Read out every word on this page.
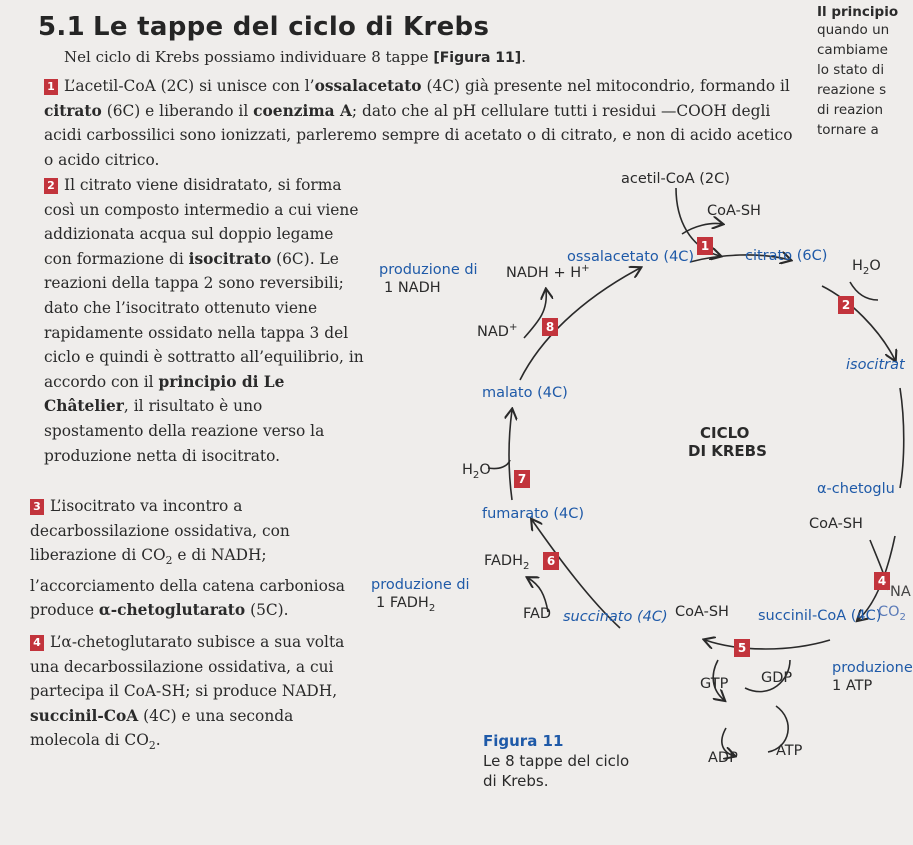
5.1 Le tappe del ciclo di Krebs
Nel ciclo di Krebs possiamo individuare 8 tappe [Figura 11].
1 L’acetil-CoA (2C) si unisce con l’ossalacetato (4C) già presente nel mitocondrio, formando il citrato (6C) e liberando il coenzima A; dato che al pH cellulare tutti i residui —COOH degli acidi carbossilici sono ionizzati, parleremo sempre di acetato o di citrato, e non di acido acetico o acido citrico.
2 Il citrato viene disidratato, si forma così un composto intermedio a cui viene addizionata acqua sul doppio legame con formazione di isocitrato (6C). Le reazioni della tappa 2 sono reversibili; dato che l’isocitrato ottenuto viene rapidamente ossidato nella tappa 3 del ciclo e quindi è sottratto all’equilibrio, in accordo con il principio di Le Châtelier, il risultato è uno spostamento della reazione verso la produzione netta di isocitrato.
3 L’isocitrato va incontro a decarbossilazione ossidativa, con liberazione di $CO_2$ e di NADH; l’accorciamento della catena carboniosa produce α-chetoglutarato (5C).
4 L’α-chetoglutarato subisce a sua volta una decarbossilazione ossidativa, a cui partecipa il CoA-SH; si produce NADH, succinil-CoA (4C) e una seconda molecola di $CO_2$.
Il principio
quando un
cambiame
lo stato di
reazione s
di reazion
tornare a
acetil-CoA (2C)
CoA-SH
1
ossalacetato (4C)	citrato (6C)
$H_2O$
2
produzione di
1 NADH
NADH + H+
NAD+	8
isocitrat
malato (4C)
CICLO
DI KREBS
$H_2O$
7
α-chetoglu
fumarato (4C)
CoA-SH
$FADH_2$	6
4
NA
produzione di
1 $FADH_2$	FAD succinato (4C) CoA-SH succinil-CoA (4C)
$CO_2$
5
GTP GDP
produzione
1 ATP
ADP	ATP
Figura 11
Le 8 tappe del ciclo
di Krebs.
